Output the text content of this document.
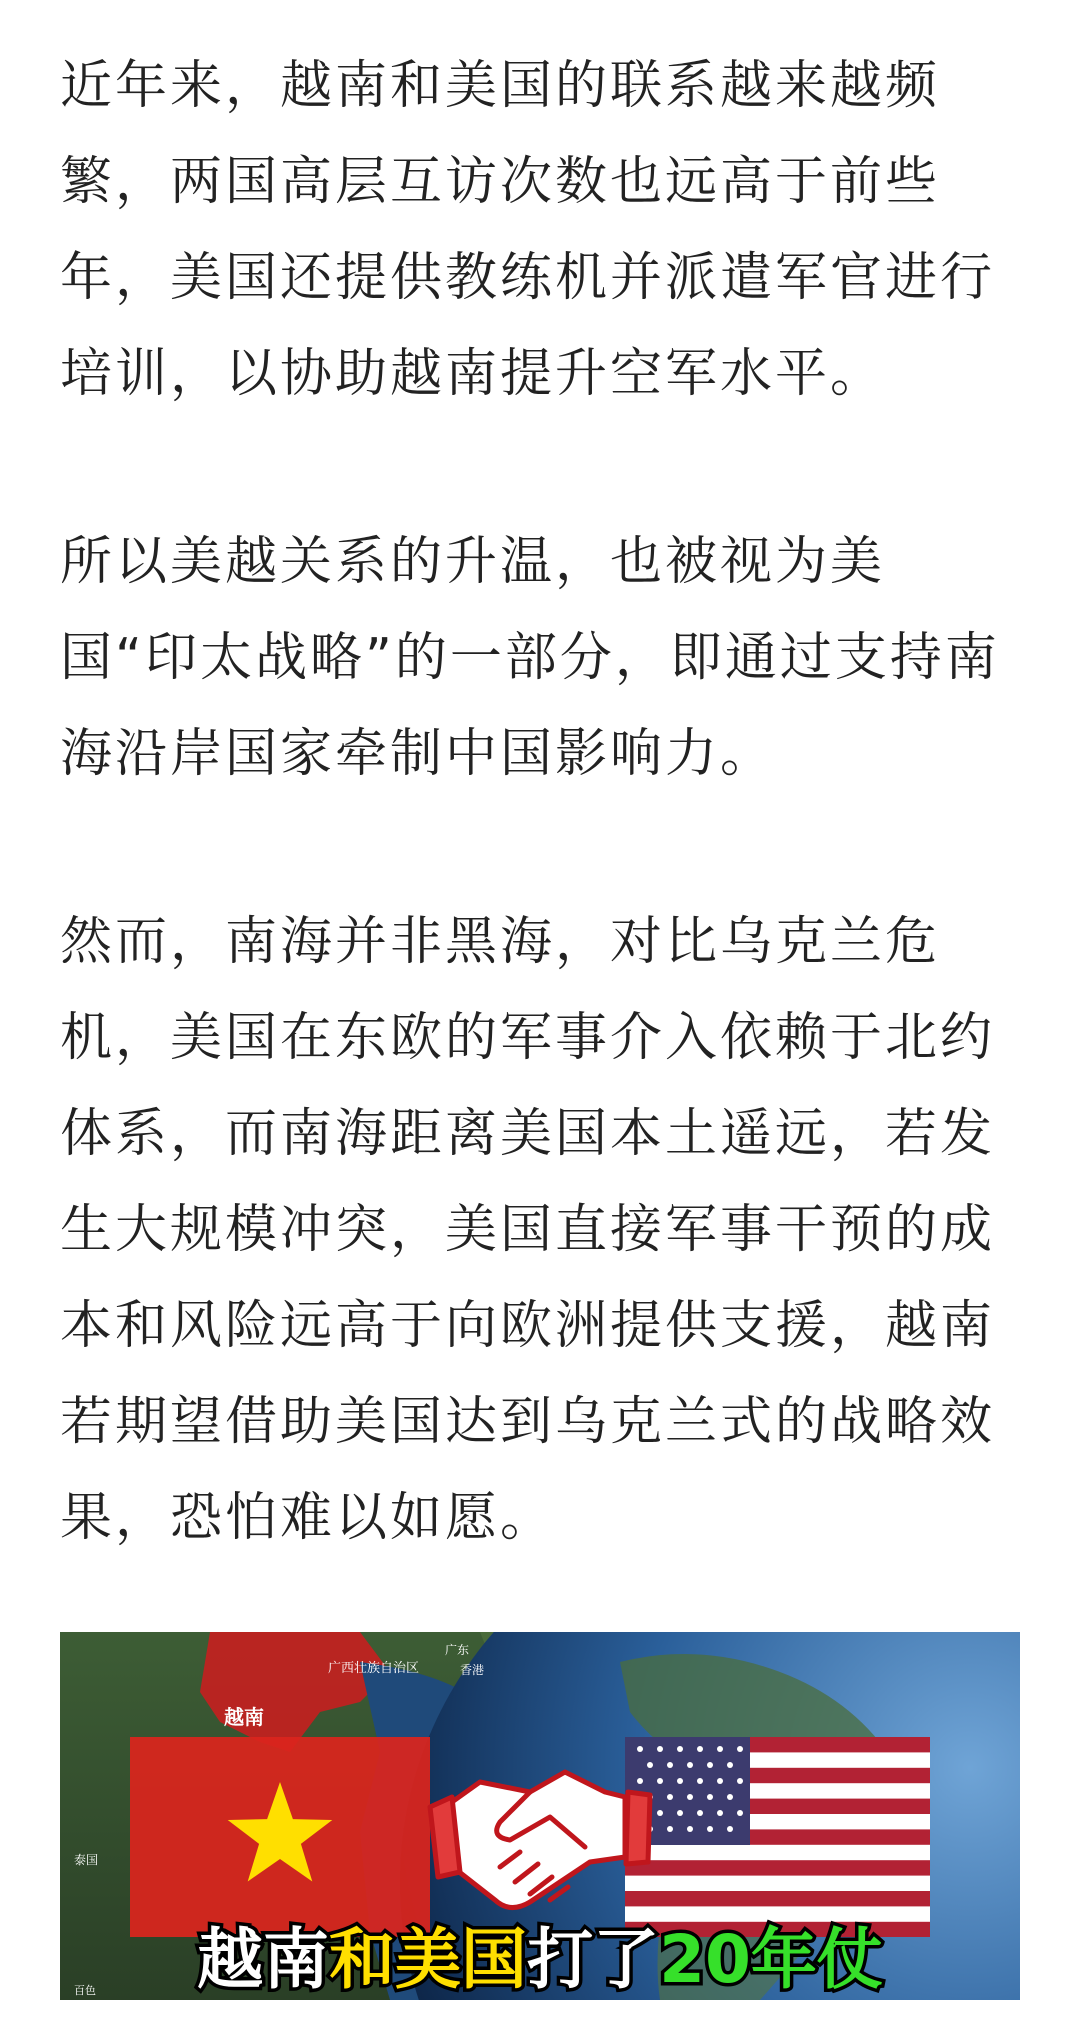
近年来，越南和美国的联系越来越频繁，两国高层互访次数也远高于前些年，美国还提供教练机并派遣军官进行培训，以协助越南提升空军水平。

所以美越关系的升温，也被视为美国“印太战略”的一部分，即通过支持南海沿岸国家牵制中国影响力。

然而，南海并非黑海，对比乌克兰危机，美国在东欧的军事介入依赖于北约体系，而南海距离美国本土遥远，若发生大规模冲突，美国直接军事干预的成本和风险远高于向欧洲提供支援，越南若期望借助美国达到乌克兰式的战略效果，恐怕难以如愿。

越南
广西壮族自治区
广东
香港
泰国
百色 越南和美国打了20年仗
